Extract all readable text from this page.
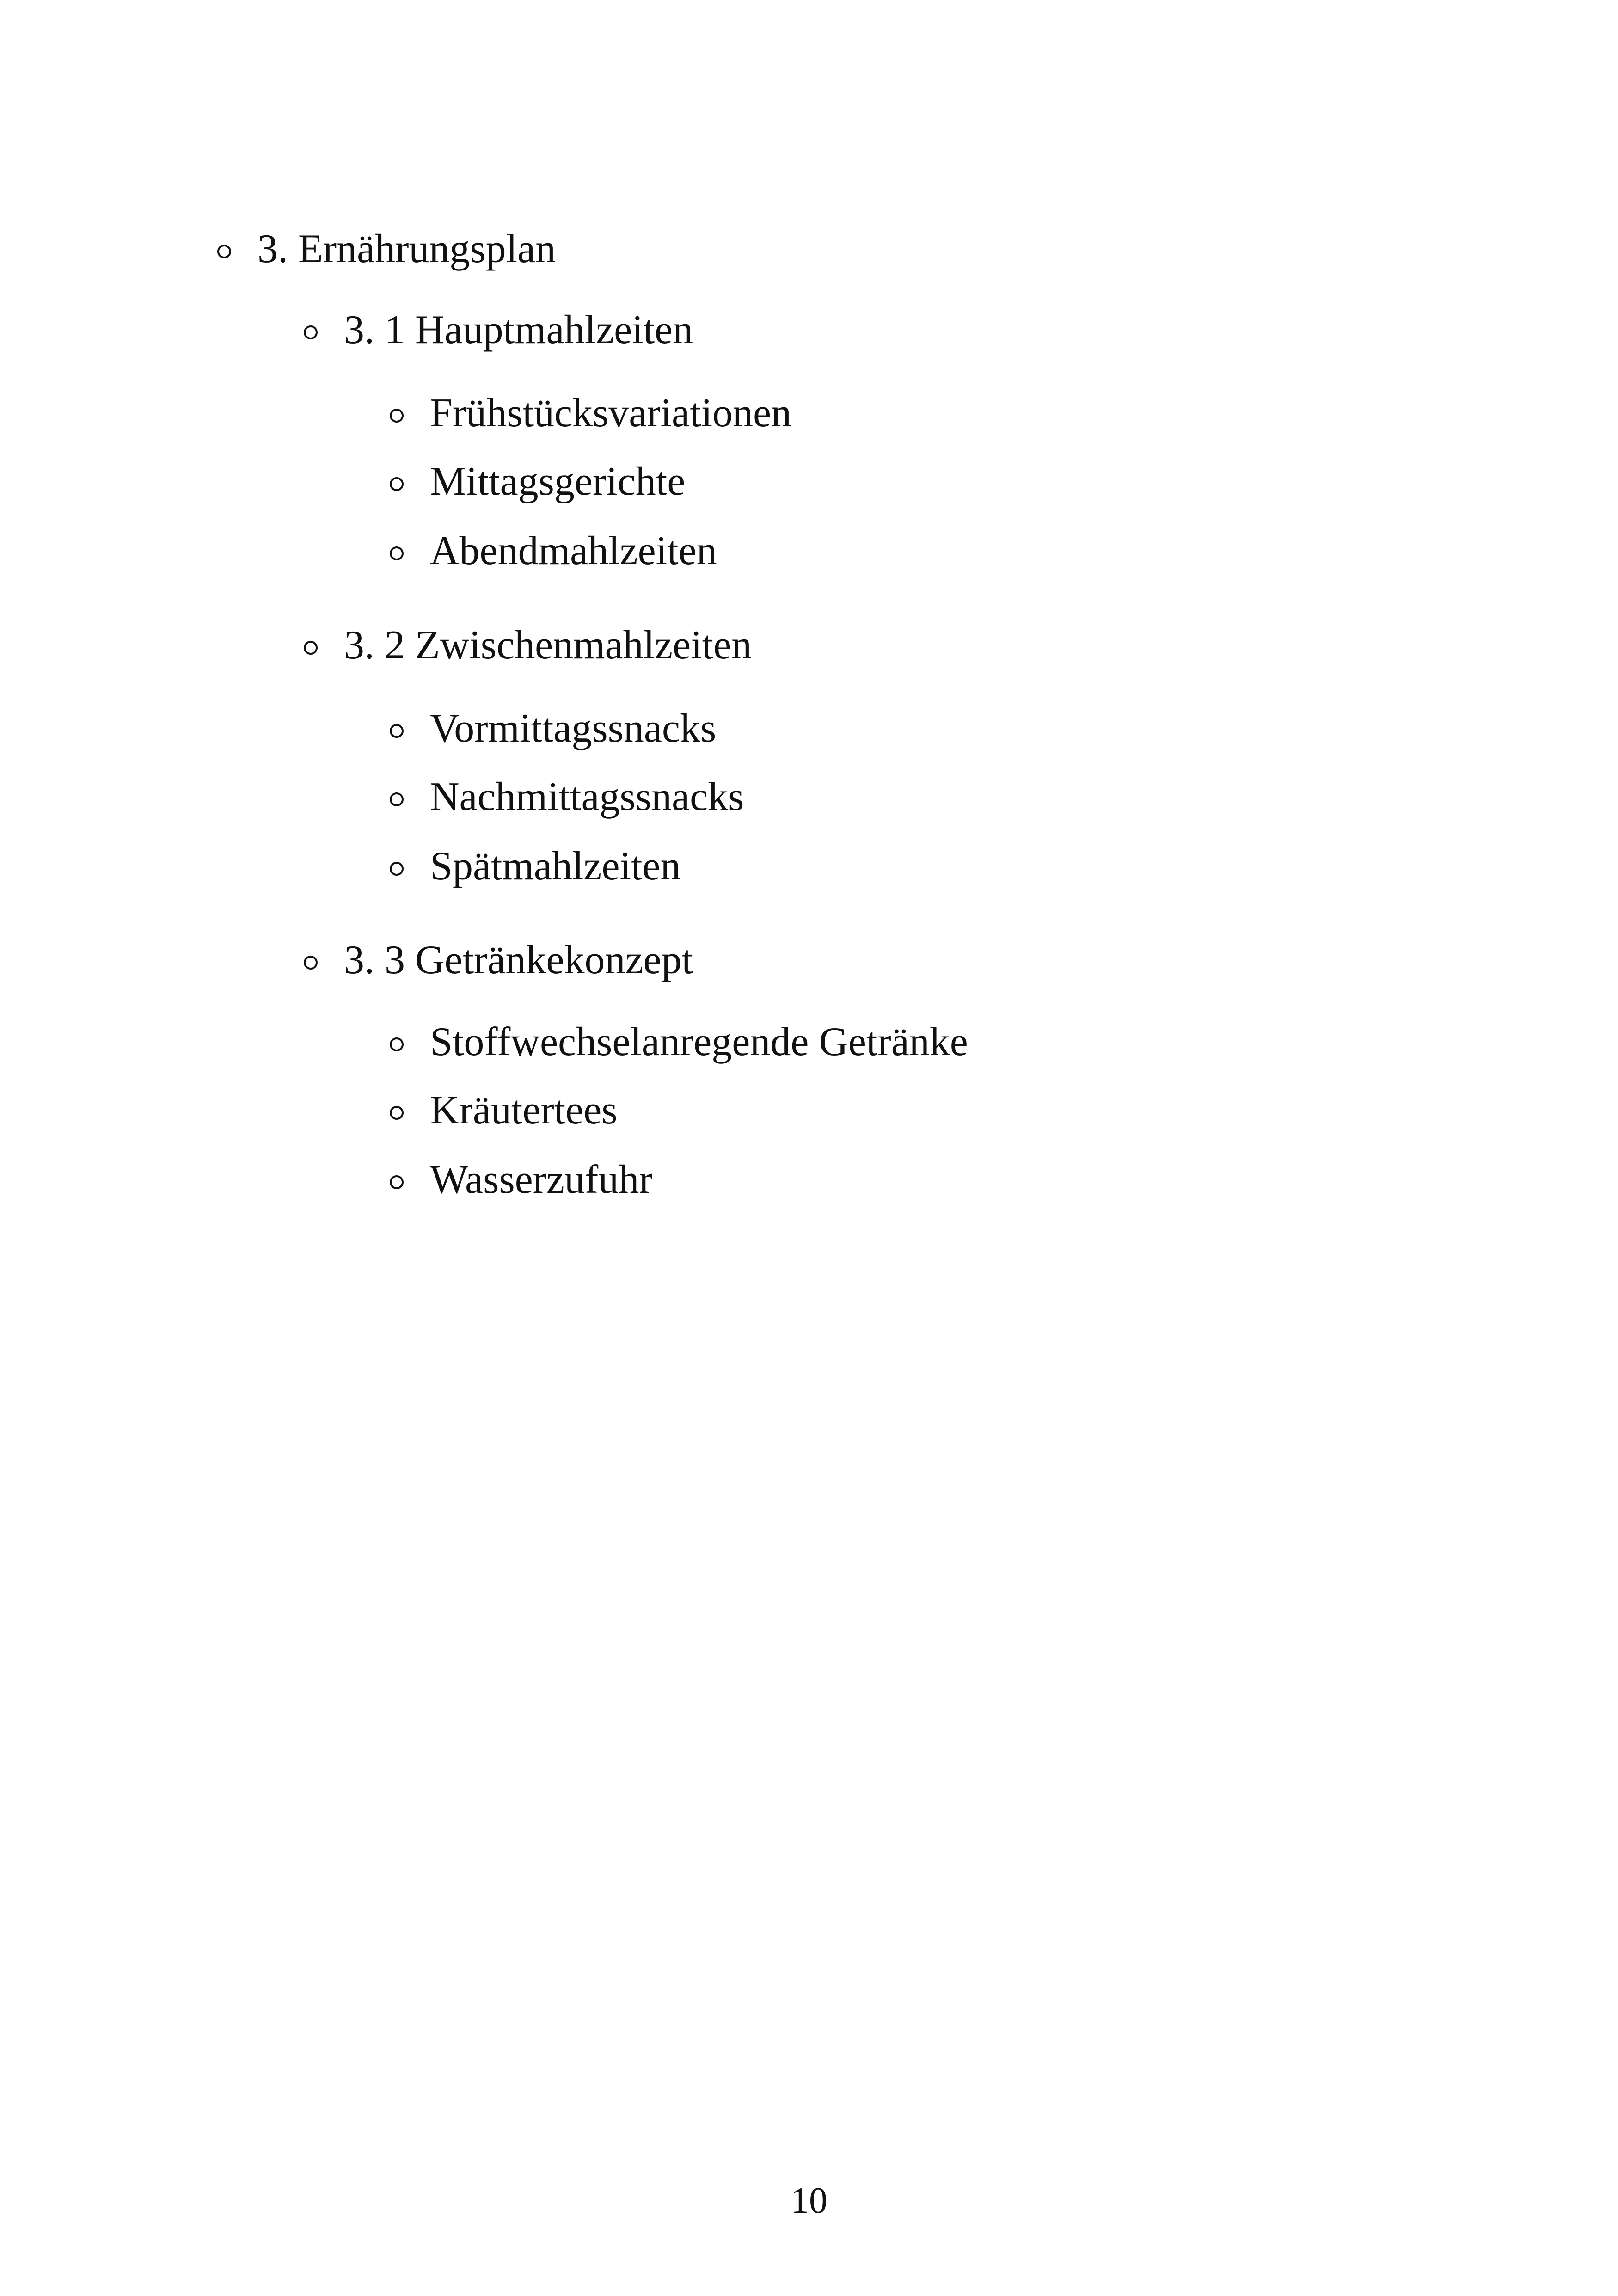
3. Ernährungsplan
3. 1 Hauptmahlzeiten
Frühstücksvariationen
Mittagsgerichte
Abendmahlzeiten
3. 2 Zwischenmahlzeiten
Vormittagssnacks
Nachmittagssnacks
Spätmahlzeiten
3. 3 Getränkekonzept
Stoffwechselanregende Getränke
Kräutertees
Wasserzufuhr
10
